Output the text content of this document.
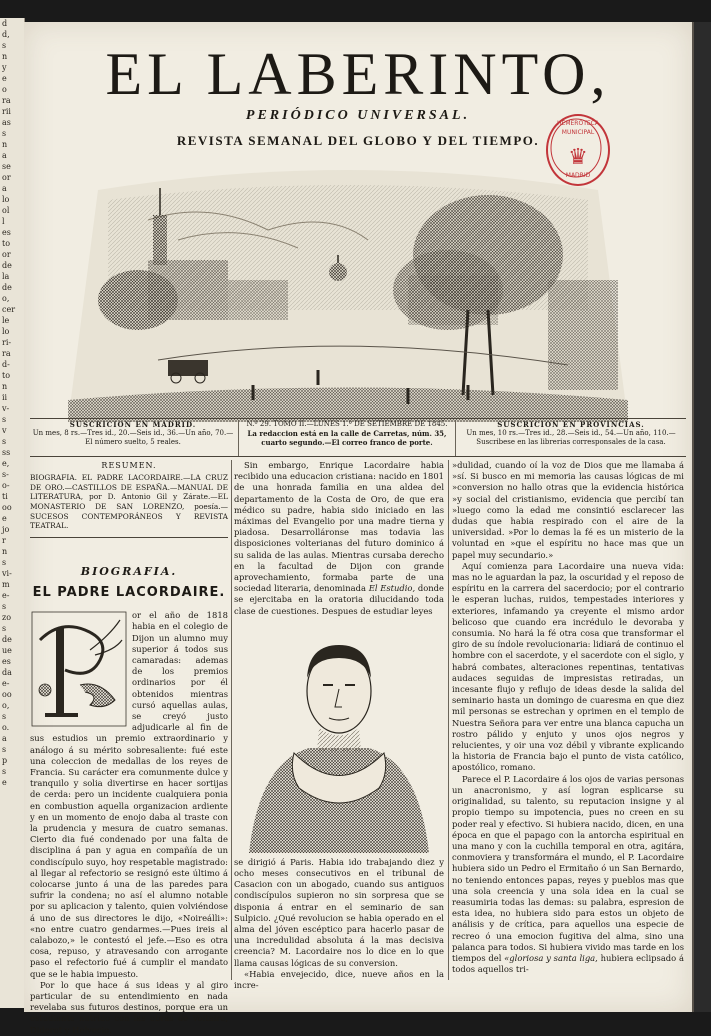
d
d,
s
n
y
e
o
ra
rii
as
s
n
a
se
or
a
lo
ol
l
es
to
or
de
la
de
o,
cer
le
lo
ri-
ra
d-
to
n
ii
v-
s
v
s
ss
e,
s-
o-
ti
oo
e
jo
r
n
s
vi-
m
e-
s
zo
s
de
ue
es
da
e-
oo
o,
s
o.
a
s
p
s
e
EL LABERINTO,
PERIÓDICO UNIVERSAL.
REVISTA SEMANAL DEL GLOBO Y DEL TIEMPO.
HEMEROTECA MUNICIPAL
♛
MADRID
SUSCRICION EN MADRID.
Un mes, 8 rs.—Tres id., 20.—Seis id., 36.—Un año, 70.—El número suelto, 5 reales.
N.º 29. TOMO II.—LUNES 1.º DE SETIEMBRE DE 1845.
La redaccion está en la calle de Carretas, núm. 35, cuarto segundo.—El correo franco de porte.
SUSCRICION EN PROVINCIAS.
Un mes, 10 rs.—Tres id., 28.—Seis id., 54.—Un año, 110.— Suscribese en las librerias corresponsales de la casa.
RESUMEN.
BIOGRAFIA. EL PADRE LACORDAIRE.—LA CRUZ DE ORO.—CASTILLOS DE ESPAÑA.—MANUAL DE LITERATURA, por D. Antonio Gil y Zárate.—EL MONASTERIO DE SAN LORENZO, poesía.—SUCESOS CONTEMPORÁNEOS Y REVISTA TEATRAL.
BIOGRAFIA.
EL PADRE LACORDAIRE.

or el año de 1818 habia en el colegio de Dijon un alumno muy superior á todos sus camaradas: ademas de los premios ordinarios por él obtenidos mientras cursó aquellas aulas, se creyó justo adjudicarle al fin de sus estudios un premio extraordinario y análogo á su mérito sobresaliente: fué este una coleccion de medallas de los reyes de Francia. Su carácter era comunmente dulce y tranquilo y solia divertirse en hacer sortijas de cerda: pero un incidente cualquiera ponia en combustion aquella organizacion ardiente y en un momento de enojo daba al traste con la prudencia y mesura de cuatro semanas. Cierto dia fué condenado por una falta de disciplina á pan y agua en compañía de un condiscípulo suyo, hoy respetable magistrado: al llegar al refectorio se resignó este último á colocarse junto á una de las paredes para sufrir la condena; no así el alumno notable por su aplicacion y talento, quien volviéndose á uno de sus directores le dijo, «Noireálli»: «no entre cuatro gendarmes.—Pues ireis al calabozo,» le contestó el jefe.—Eso es otra cosa, repuso, y atravesando con arrogante paso el refectorio fué á cumplir el mandato que se le habia impuesto.

Por lo que hace á sus ideas y al giro particular de su entendimiento en nada revelaba sus futuros destinos, porque era un estudiante nutrido con las obras de Voltaire, Diderot y Helvecio.

Sin embargo, Enrique Lacordaire habia recibido una educacion cristiana: nacido en 1801 de una honrada familia en una aldea del departamento de la Costa de Oro, de que era médico su padre, habia sido iniciado en las máximas del Evangelio por una madre tierna y piadosa. Desarrolláronse mas todavia las disposiciones volterianas del futuro dominico á su salida de las aulas. Mientras cursaba derecho en la facultad de Dijon con grande aprovechamiento, formaba parte de una sociedad literaria, denominada El Estudio, donde se ejercitaba en la oratoria dilucidando toda clase de cuestiones. Despues de estudiar leyes

se dirigió á Paris. Habia ido trabajando diez y ocho meses consecutivos en el tribunal de Casacion con un abogado, cuando sus antiguos condiscípulos supieron no sin sorpresa que se disponia á entrar en el seminario de san Sulpicio. ¿Qué revolucion se habia operado en el alma del jóven escéptico para hacerlo pasar de una incredulidad absoluta á la mas decisiva creencia? M. Lacordaire nos lo dice en lo que llama causas lógicas de su conversion.

«Habia envejecido, dice, nueve años en la incre-

»dulidad, cuando oí la voz de Dios que me llamaba á »sí. Si busco en mi memoria las causas lógicas de mi »conversion no hallo otras que la evidencia histórica »y social del cristianismo, evidencia que percibí tan »luego como la edad me consintió esclarecer las dudas que habia respirado con el aire de la universidad. »Por lo demas la fé es un misterio de la voluntad en »que el espíritu no hace mas que un papel muy secundario.»

Aquí comienza para Lacordaire una nueva vida: mas no le aguardan la paz, la oscuridad y el reposo de espíritu en la carrera del sacerdocio; por el contrario le esperan luchas, ruidos, tempestades interiores y exteriores, infamando ya creyente el mismo ardor belicoso que cuando era incrédulo le devoraba y consumia. No hará la fé otra cosa que transformar el giro de su índole revolucionaria: lidiará de continuo el hombre con el sacerdote, y el sacerdote con el siglo, y habrá combates, alteraciones repentinas, tentativas audaces seguidas de impresistas retiradas, un incesante flujo y reflujo de ideas desde la salida del seminario hasta un domingo de cuaresma en que diez mil personas se estrechan y oprimen en el templo de Nuestra Señora para ver entre una blanca capucha un rostro pálido y enjuto y unos ojos negros y relucientes, y oir una voz débil y vibrante explicando la historia de Francia bajo el punto de vista católico, apostólico, romano.

Parece el P. Lacordaire á los ojos de varias personas un anacronismo, y así logran esplicarse su originalidad, su talento, su reputacion insigne y al propio tiempo su impotencia, pues no creen en su poder real y efectivo. Si hubiera nacido, dicen, en una época en que el papago con la antorcha espiritual en una mano y con la cuchilla temporal en otra, agitára, conmoviera y transformára el mundo, el P. Lacordaire hubiera sido un Pedro el Ermitaño ó un San Bernardo, no teniendo entonces papas, reyes y pueblos mas que una sola creencia y una sola idea en la cual se reasumiria todas las demas: su palabra, espresion de esta idea, no hubiera sido para estos un objeto de análisis y de crítica, para aquellos una especie de recreo ó una emocion fugitiva del alma, sino una palanca para todos. Si hubiera vivido mas tarde en los tiempos del «gloriosa y santa liga, hubiera eclipsado á todos aquellos tri-
